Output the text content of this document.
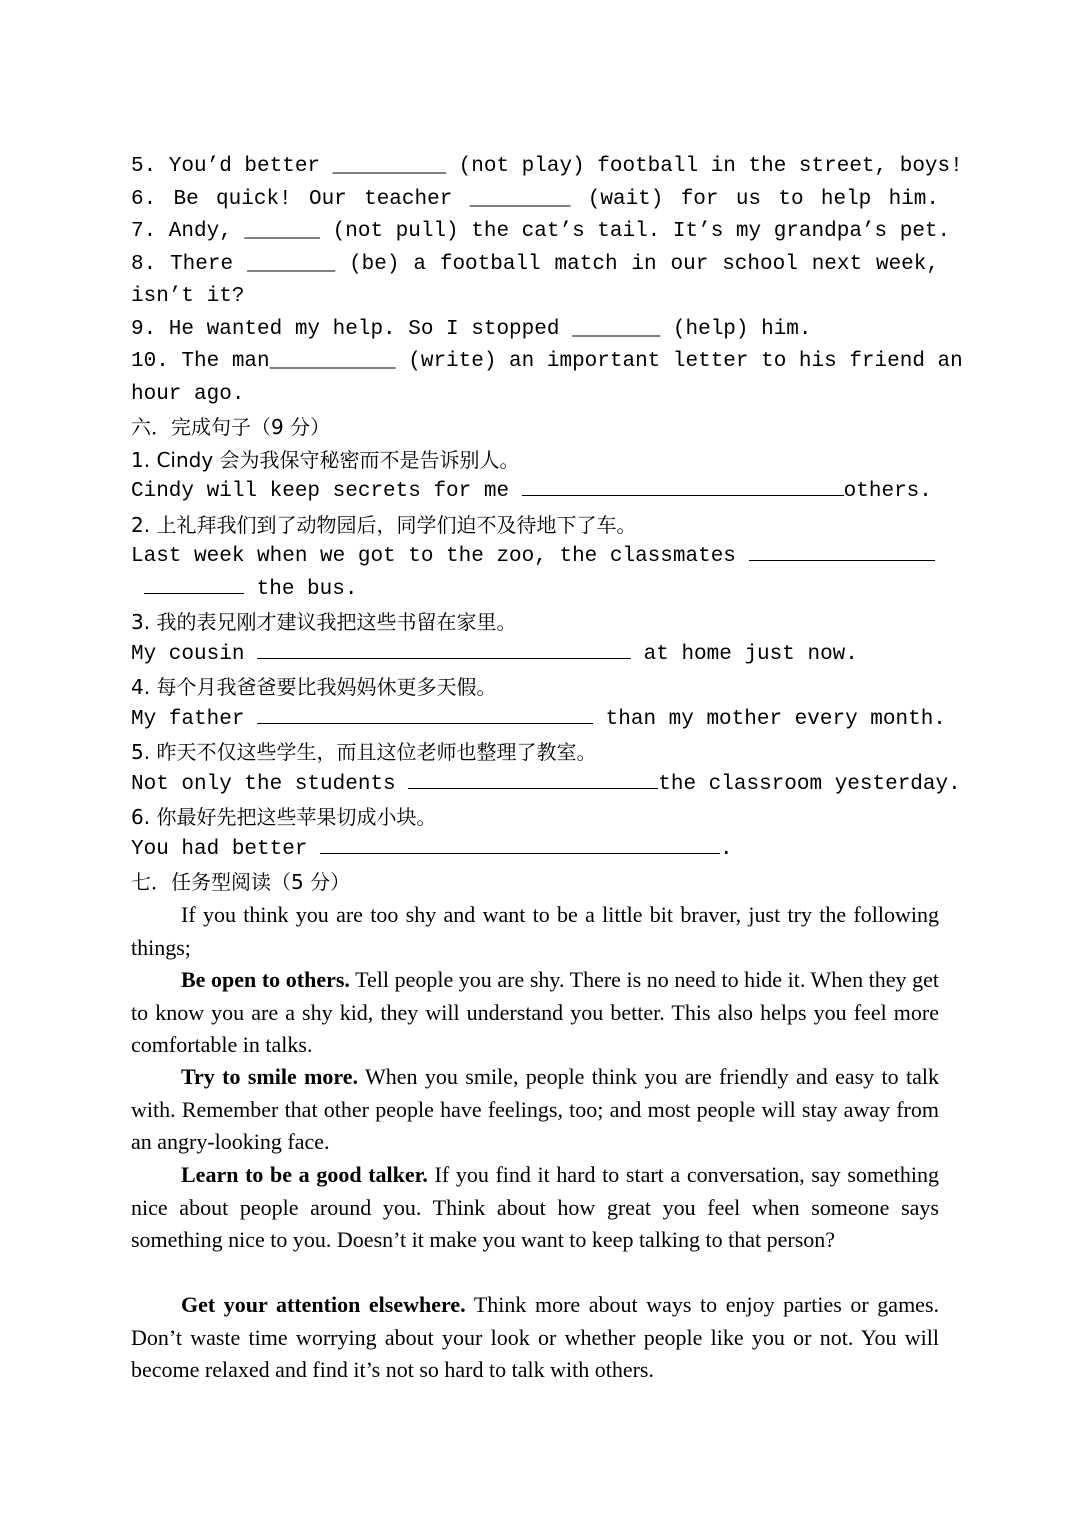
5. You’d better _________ (not play) football in the street, boys!
6. Be quick! Our teacher ________ (wait) for us to help him.
7. Andy, ______ (not pull) the cat’s tail. It’s my grandpa’s pet.
8. There _______ (be) a football match in our school next week,
isn’t it?
9. He wanted my help. So I stopped _______ (help) him.
10. The man__________ (write) an important letter to his friend an
hour ago.
六．完成句子（9 分）
1. Cindy 会为我保守秘密而不是告诉别人。
Cindy will keep secrets for me	others.
2. 上礼拜我们到了动物园后，同学们迫不及待地下了车。
Last week when we got to the zoo, the classmates
the bus.
3. 我的表兄刚才建议我把这些书留在家里。
My cousin	at home just now.
4. 每个月我爸爸要比我妈妈休更多天假。
My father	than my mother every month.
5. 昨天不仅这些学生，而且这位老师也整理了教室。
Not only the students	the classroom yesterday.
6. 你最好先把这些苹果切成小块。
You had better	.
七．任务型阅读（5 分）
If you think you are too shy and want to be a little bit braver, just try the following things;
Be open to others. Tell people you are shy. There is no need to hide it. When they get to know you are a shy kid, they will understand you better. This also helps you feel more comfortable in talks.
Try to smile more. When you smile, people think you are friendly and easy to talk with. Remember that other people have feelings, too; and most people will stay away from an angry-looking face.
Learn to be a good talker. If you find it hard to start a conversation, say something nice about people around you. Think about how great you feel when someone says something nice to you. Doesn’t it make you want to keep talking to that person?
Get your attention elsewhere. Think more about ways to enjoy parties or games. Don’t waste time worrying about your look or whether people like you or not. You will become relaxed and find it’s not so hard to talk with others.
